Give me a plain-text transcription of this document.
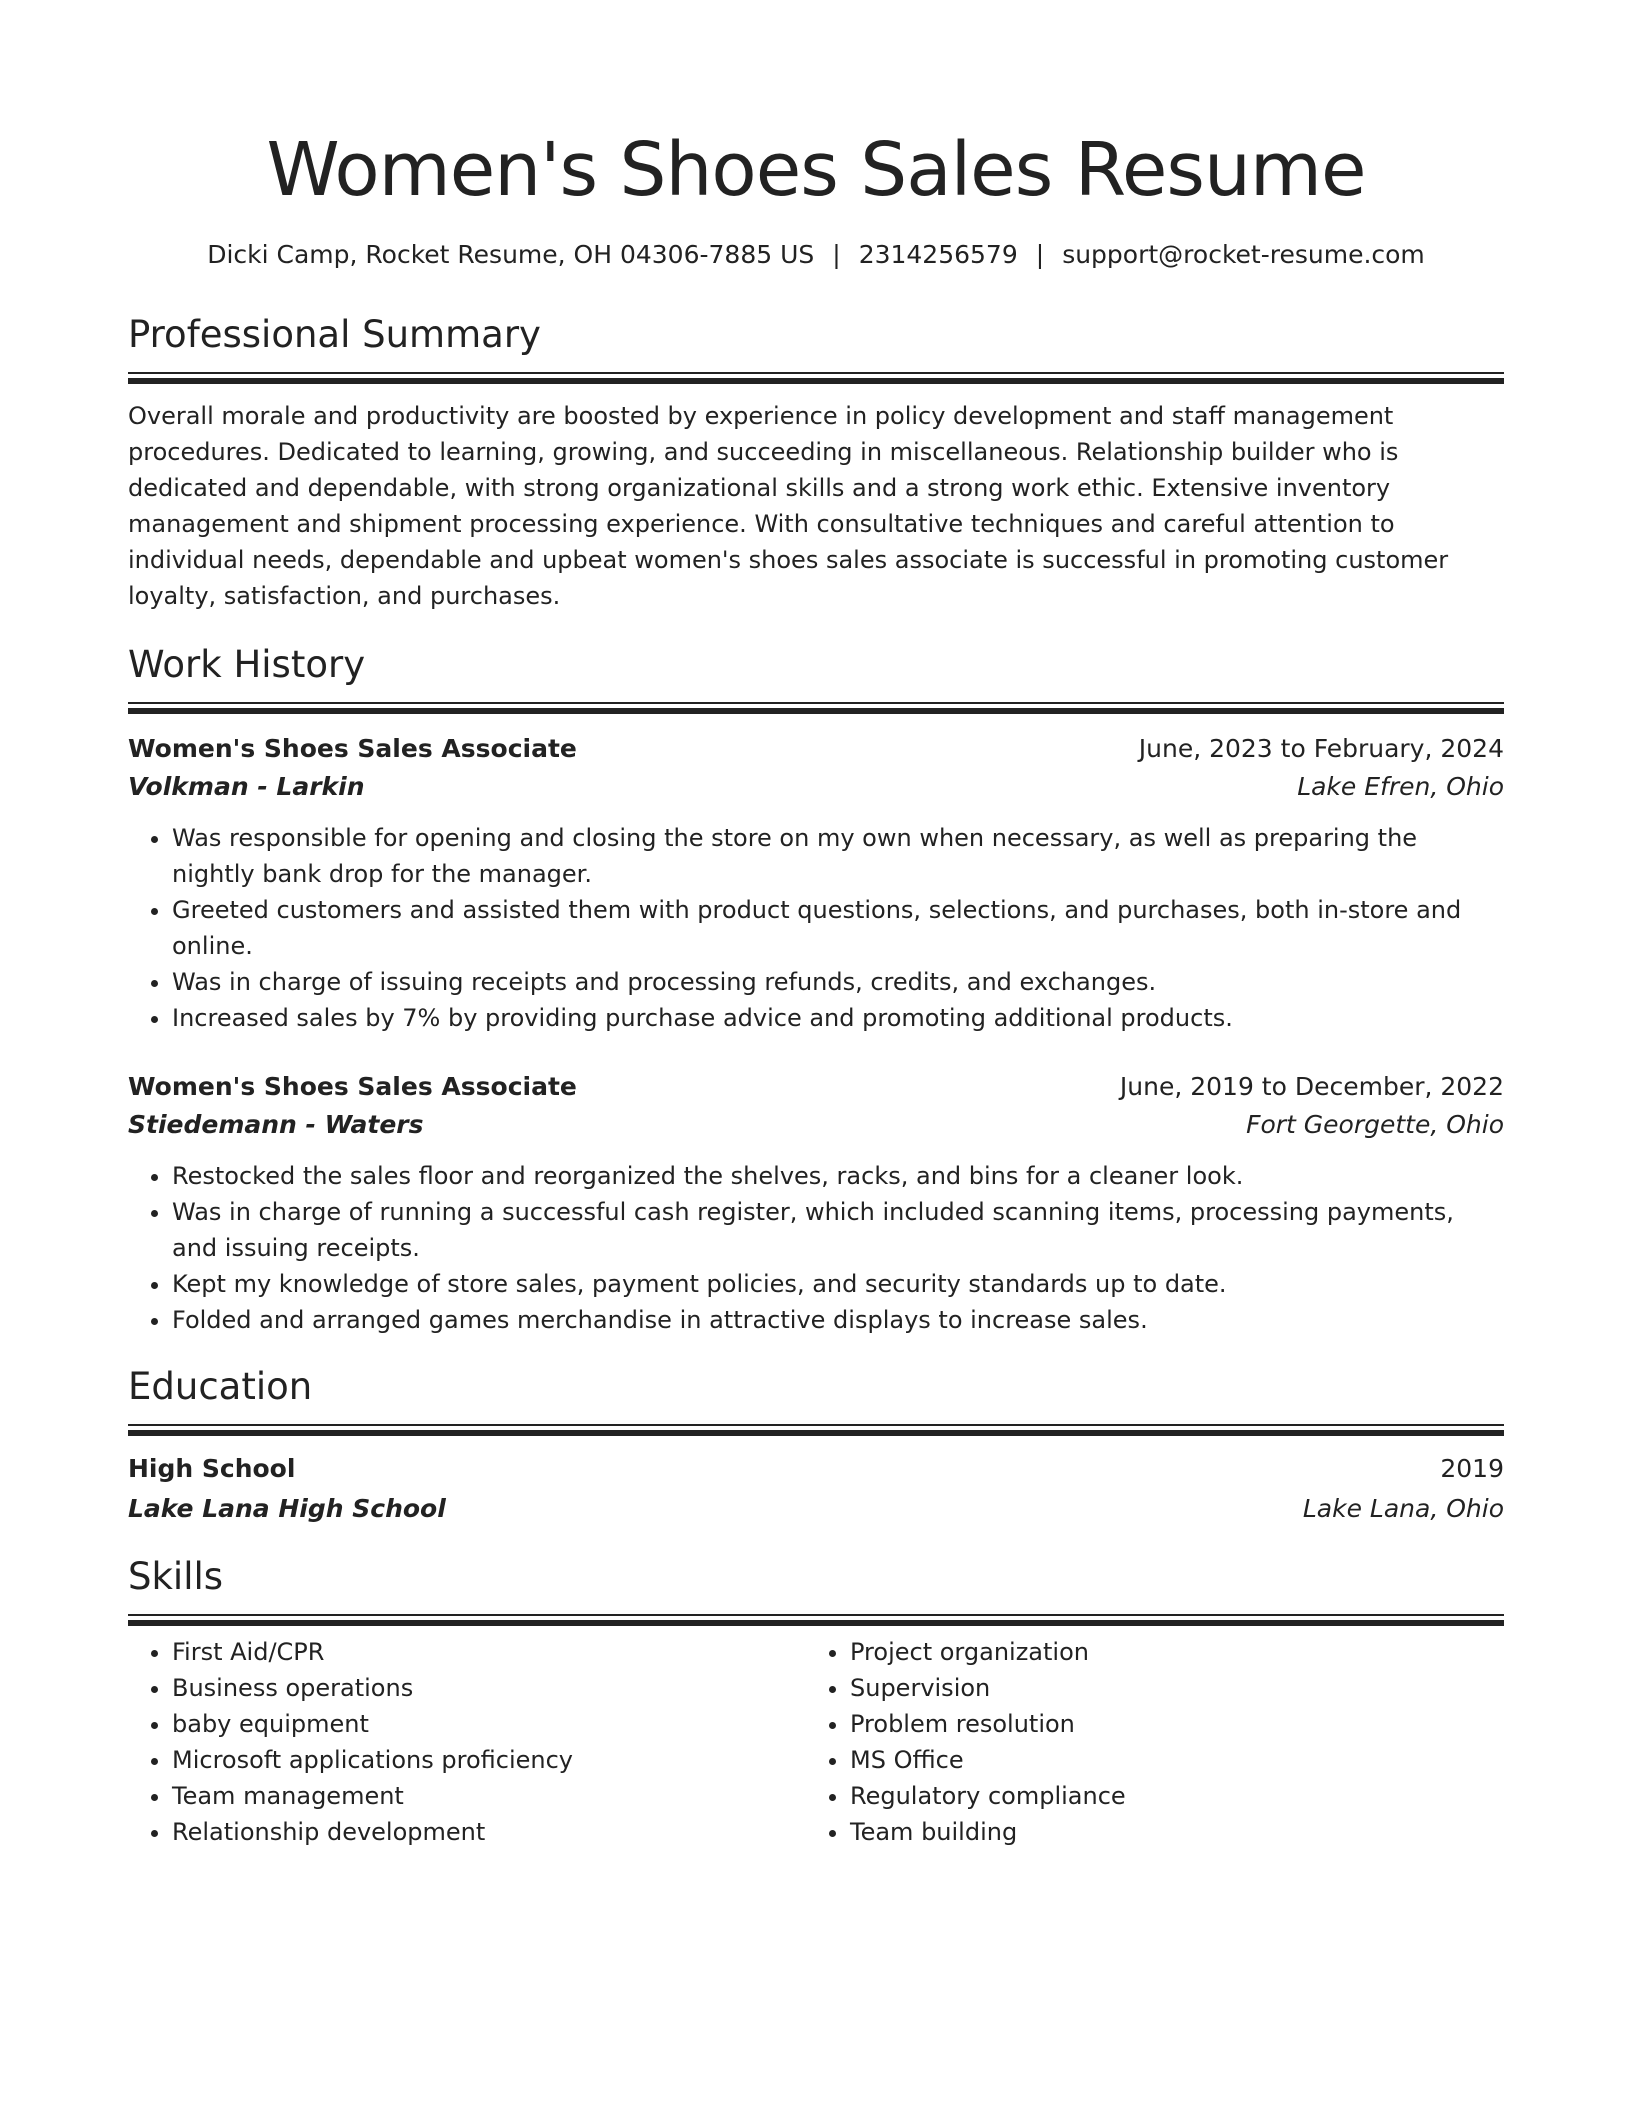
Women's Shoes Sales Resume
Dicki Camp, Rocket Resume, OH 04306-7885 US | 2314256579 | support@rocket-resume.com
Professional Summary
Overall morale and productivity are boosted by experience in policy development and staff management procedures. Dedicated to learning, growing, and succeeding in miscellaneous. Relationship builder who is dedicated and dependable, with strong organizational skills and a strong work ethic. Extensive inventory management and shipment processing experience. With consultative techniques and careful attention to individual needs, dependable and upbeat women's shoes sales associate is successful in promoting customer loyalty, satisfaction, and purchases.
Work History
Women's Shoes Sales Associate	June, 2023 to February, 2024
Volkman - Larkin	Lake Efren, Ohio
• Was responsible for opening and closing the store on my own when necessary, as well as preparing the nightly bank drop for the manager.
• Greeted customers and assisted them with product questions, selections, and purchases, both in-store and online.
• Was in charge of issuing receipts and processing refunds, credits, and exchanges.
• Increased sales by 7% by providing purchase advice and promoting additional products.
Women's Shoes Sales Associate	June, 2019 to December, 2022
Stiedemann - Waters	Fort Georgette, Ohio
• Restocked the sales floor and reorganized the shelves, racks, and bins for a cleaner look.
• Was in charge of running a successful cash register, which included scanning items, processing payments, and issuing receipts.
• Kept my knowledge of store sales, payment policies, and security standards up to date.
• Folded and arranged games merchandise in attractive displays to increase sales.
Education
High School	2019
Lake Lana High School	Lake Lana, Ohio
Skills
• First Aid/CPR
• Business operations
• baby equipment
• Microsoft applications proficiency
• Team management
• Relationship development
• Project organization
• Supervision
• Problem resolution
• MS Office
• Regulatory compliance
• Team building
